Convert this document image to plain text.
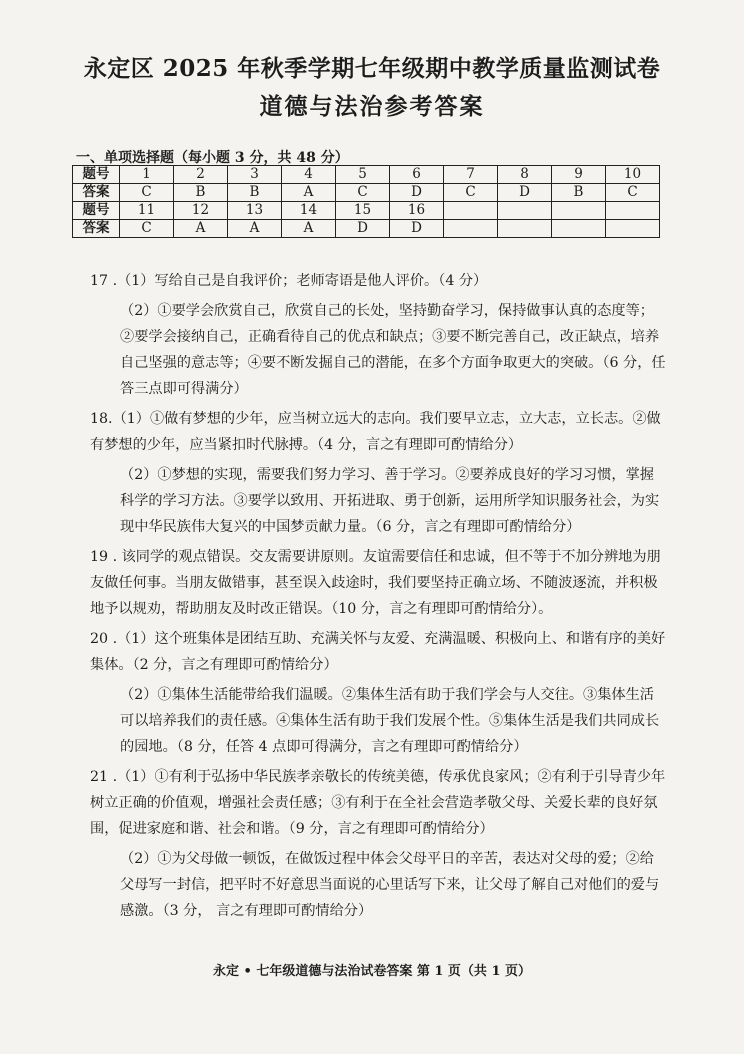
永定区 2025 年秋季学期七年级期中教学质量监测试卷
道德与法治参考答案
一、单项选择题（每小题 3 分，共 48 分）
题号	1	2	3	4	5	6	7	8	9	10
答案	C	B	B	A	C	D	C	D	B	C
题号	11	12	13	14	15	16				
答案	C	A	A	A	D	D				
17 .（1）写给自己是自我评价；老师寄语是他人评价。（4 分）
（2）①要学会欣赏自己，欣赏自己的长处，坚持勤奋学习，保持做事认真的态度等；②要学会接纳自己，正确看待自己的优点和缺点；③要不断完善自己，改正缺点，培养自己坚强的意志等；④要不断发掘自己的潜能，在多个方面争取更大的突破。（6 分，任答三点即可得满分）
18.（1）①做有梦想的少年，应当树立远大的志向。我们要早立志，立大志，立长志。②做有梦想的少年，应当紧扣时代脉搏。（4 分，言之有理即可酌情给分）
（2）①梦想的实现，需要我们努力学习、善于学习。②要养成良好的学习习惯，掌握科学的学习方法。③要学以致用、开拓进取、勇于创新，运用所学知识服务社会，为实现中华民族伟大复兴的中国梦贡献力量。（6 分，言之有理即可酌情给分）
19 . 该同学的观点错误。交友需要讲原则。友谊需要信任和忠诚，但不等于不加分辨地为朋友做任何事。当朋友做错事，甚至误入歧途时，我们要坚持正确立场、不随波逐流，并积极地予以规劝，帮助朋友及时改正错误。（10 分，言之有理即可酌情给分）。
20 .（1）这个班集体是团结互助、充满关怀与友爱、充满温暖、积极向上、和谐有序的美好集体。（2 分，言之有理即可酌情给分）
（2）①集体生活能带给我们温暖。②集体生活有助于我们学会与人交往。③集体生活可以培养我们的责任感。④集体生活有助于我们发展个性。⑤集体生活是我们共同成长的园地。（8 分，任答 4 点即可得满分，言之有理即可酌情给分）
21 .（1）①有利于弘扬中华民族孝亲敬长的传统美德，传承优良家风；②有利于引导青少年树立正确的价值观，增强社会责任感；③有利于在全社会营造孝敬父母、关爱长辈的良好氛围，促进家庭和谐、社会和谐。（9 分，言之有理即可酌情给分）
（2）①为父母做一顿饭，在做饭过程中体会父母平日的辛苦，表达对父母的爱；②给父母写一封信，把平时不好意思当面说的心里话写下来，让父母了解自己对他们的爱与感激。（3 分， 言之有理即可酌情给分）
永定 • 七年级道德与法治试卷答案 第 1 页（共 1 页）
